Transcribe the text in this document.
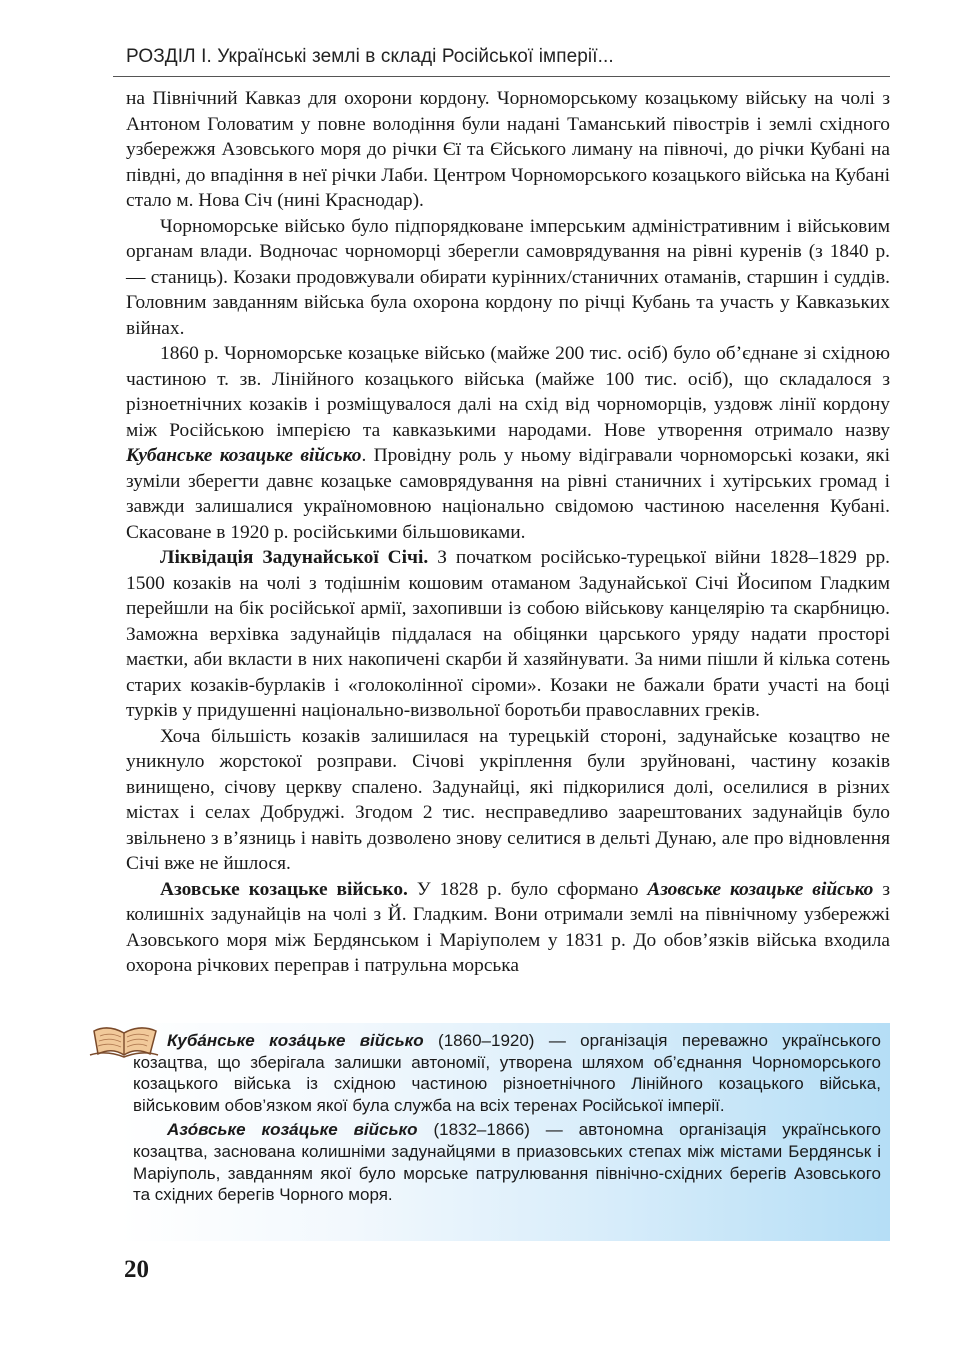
РОЗДІЛ І. Українські землі в складі Російської імперії...

на Північний Кавказ для охорони кордону. Чорноморському козацькому війську на чолі з Антоном Головатим у повне володіння були надані Таманський півострів і землі східного узбережжя Азовського моря до річки Єї та Єйського лиману на півночі, до річки Кубані на півдні, до впадіння в неї річки Лаби. Центром Чорноморського козацького війська на Кубані стало м. Нова Січ (нині Краснодар).

Чорноморське військо було підпорядковане імперським адміністративним і військовим органам влади. Водночас чорноморці зберегли самоврядування на рівні куренів (з 1840 р. — станиць). Козаки продовжували обирати курінних/станичних отаманів, старшин і суддів. Головним завданням війська була охорона кордону по річці Кубань та участь у Кавказьких війнах.

1860 р. Чорноморське козацьке військо (майже 200 тис. осіб) було об’єднане зі східною частиною т. зв. Лінійного козацького війська (майже 100 тис. осіб), що складалося з різноетнічних козаків і розміщувалося далі на схід від чорноморців, уздовж лінії кордону між Російською імперією та кавказькими народами. Нове утворення отримало назву Кубанське козацьке військо. Провідну роль у ньому відігравали чорноморські козаки, які зуміли зберегти давнє козацьке самоврядування на рівні станичних і хутірських громад і завжди залишалися україномовною національно свідомою частиною населення Кубані. Скасоване в 1920 р. російськими більшовиками.

Ліквідація Задунайської Січі. З початком російсько-турецької війни 1828–1829 рр. 1500 козаків на чолі з тодішнім кошовим отаманом Задунайської Січі Йосипом Гладким перейшли на бік російської армії, захопивши із собою військову канцелярію та скарбницю. Заможна верхівка задунайців піддалася на обіцянки царського уряду надати просторі маєтки, аби вкласти в них накопичені скарби й хазяйнувати. За ними пішли й кілька сотень старих козаків-бурлаків і «голоколінної сіроми». Козаки не бажали брати участі на боці турків у придушенні національно-визвольної боротьби православних греків.

Хоча більшість козаків залишилася на турецькій стороні, задунайське козацтво не уникнуло жорстокої розправи. Січові укріплення були зруйновані, частину козаків винищено, січову церкву спалено. Задунайці, які підкорилися долі, оселилися в різних містах і селах Добруджі. Згодом 2 тис. несправедливо заарештованих задунайців було звільнено з в’язниць і навіть дозволено знову селитися в дельті Дунаю, але про відновлення Січі вже не йшлося.

Азовське козацьке військо. У 1828 р. було сформано Азовське козацьке військо з колишніх задунайців на чолі з Й. Гладким. Вони отримали землі на північному узбережжі Азовського моря між Бердянськом і Маріуполем у 1831 р. До обов’язків війська входила охорона річкових переправ і патрульна морська

Куба́нське коза́цьке військо (1860–1920) — організація переважно українського козацтва, що зберігала залишки автономії, утворена шляхом об’єднання Чорноморського козацького війська із східною частиною різноетнічного Лінійного козацького війська, військовим обов’язком якої була служба на всіх теренах Російської імперії.

Азо́вське коза́цьке військо (1832–1866) — автономна організація українського козацтва, заснована колишніми задунайцями в приазовських степах між містами Бердянськ і Маріуполь, завданням якої було морське патрулювання північно-східних берегів Азовського та східних берегів Чорного моря.

20
